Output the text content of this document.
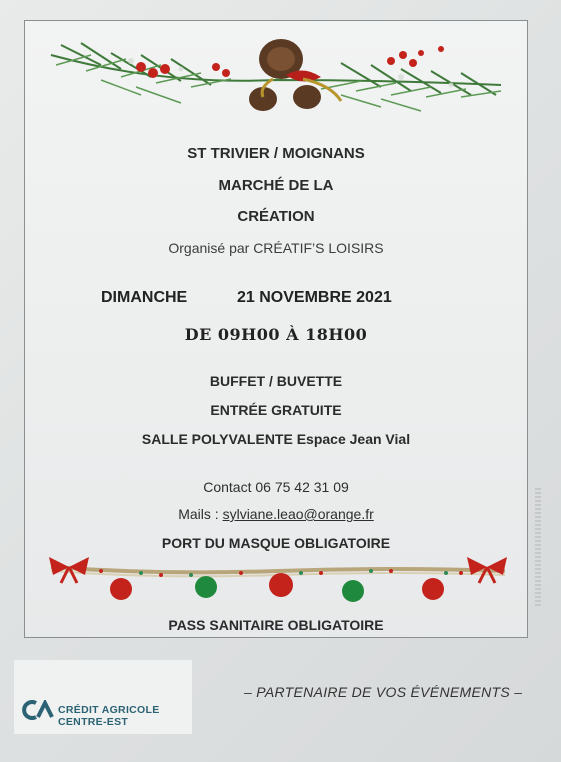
ST TRIVIER / MOIGNANS
MARCHÉ DE LA
CRÉATION
Organisé par CRÉATIF’S LOISIRS
DIMANCHE	21 NOVEMBRE 2021
DE 09H00 À 18H00
BUFFET / BUVETTE
ENTRÉE GRATUITE
SALLE POLYVALENTE Espace Jean Vial
Contact 06 75 42 31 09
Mails : sylviane.leao@orange.fr
PORT DU MASQUE OBLIGATOIRE
PASS SANITAIRE OBLIGATOIRE
CRÉDIT AGRICOLE
CENTRE-EST
– PARTENAIRE DE VOS ÉVÉNEMENTS –
